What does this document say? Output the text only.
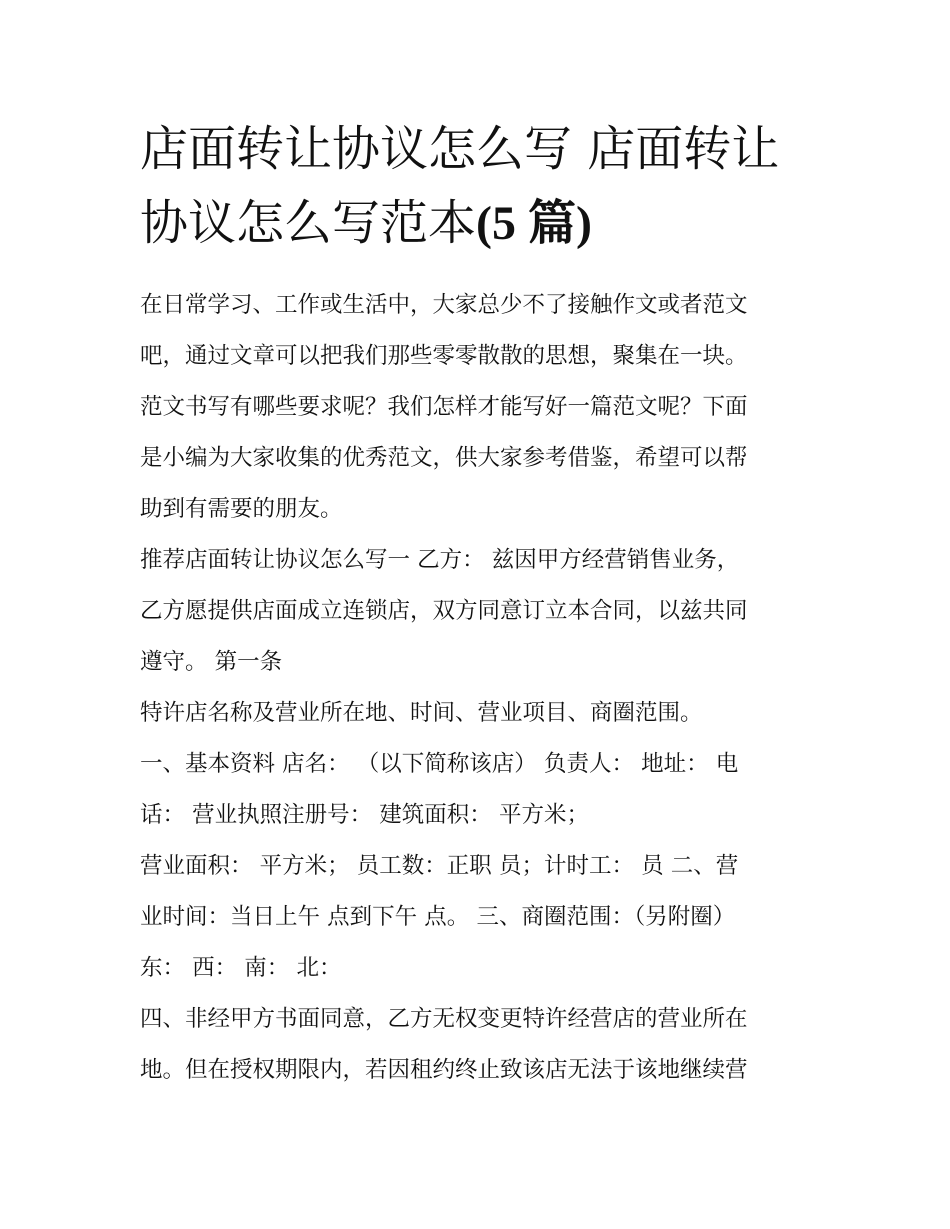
店面转让协议怎么写 店面转让
协议怎么写范本(5 篇)
在日常学习、工作或生活中，大家总少不了接触作文或者范文
吧，通过文章可以把我们那些零零散散的思想，聚集在一块。
范文书写有哪些要求呢？我们怎样才能写好一篇范文呢？下面
是小编为大家收集的优秀范文，供大家参考借鉴，希望可以帮
助到有需要的朋友。
推荐店面转让协议怎么写一 乙方： 兹因甲方经营销售业务，
乙方愿提供店面成立连锁店，双方同意订立本合同，以兹共同
遵守。 第一条
特许店名称及营业所在地、时间、营业项目、商圈范围。
一、基本资料 店名： （以下简称该店） 负责人： 地址： 电
话： 营业执照注册号： 建筑面积： 平方米；
营业面积： 平方米； 员工数：正职 员；计时工： 员 二、营
业时间：当日上午 点到下午 点。 三、商圈范围：（另附圈）
东： 西： 南： 北：
四、非经甲方书面同意，乙方无权变更特许经营店的营业所在
地。但在授权期限内，若因租约终止致该店无法于该地继续营
